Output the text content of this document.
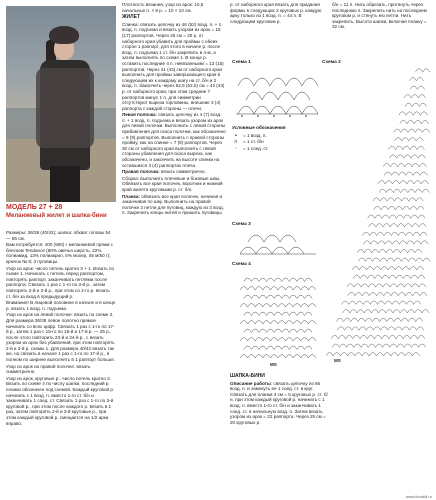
МОДЕЛЬ 27 + 28
Меланжевый жилет и шапка-бини

Размеры: 36/38 (40/42); шапка: обхват головы 54 — 56 см.

Вам потребуется: 400 (500) г меланжевой пряжи с блеском Tendance (60% овечья шерсть, 22% полиамид, 13% полиакрил, 5% мохер, 45 м/50 г); крючок № 8; 3 пуговицы.

Узор из арок: число петель кратно 3 + 1. Вязать по схеме 1. Начинать с петель перед раппортом, повторять раппорт, заканчивать петлями после раппорта. Связать 1 раз с 1-го по 3-й р., затем повторять 2-й и 3-й р., при этом со 2-го р. вязать ст. б/н за вход в предыдущий р.

Внимание! В лицевой половине в начале и в конце р. вязать 1 возд. п. подъема.

Узор из арок на левой полочке: вязать по схеме 2. Для размера 36/38 левое полотно прямое начинать со всех цифр. Связать 1 раз с 1-го по 17-й р., затем 1 раз с 15-го по 16-й и 17-й р. — 25 р., после этого повторить 23-й и 24-й р., с вязать узором из арок без убавлений, при этом повторять 2-й и 3-й р. схемы 1. Для размера 40/42 вязать так же, но связать в начале 1 раз с 1-го по 17-й р., в полном по ширине выполнять в 1 раппорт больше.

Узор из арок на правой полочке: вязать симметрично.

Узор из арок, круговые р.: число петель кратно 3. Вязать по схеме 4 по числу шапки, последний р. планки обозначен под схемой. Каждый круговой р. начинать с 1 возд. п. вместо 1-го ст. б/н и заканчивать 1 соед. ст. Связать 1 раз с 1-го по 3-й круговой р., при этом после каждого р. вязать в 1 раз, затем повторять 2-й и 3-й круговые р., при этом каждый круговой р. смещается на 1/2 арки вправо.

Плотность вязания, узор из арок: 10,5 начальных п. × 8 р. = 10 × 10 см.

ЖИЛЕТ

Спинка: связать цепочку из 46 (52) возд. п. + 1 возд. п. подъема и вязать узором из арок = 15 (17) раппортов. Через 25 см = 20 р. от наборного края убавить для проймы с обеих сторон 1 раппорт, для этого в начале р. после возд. п. подъема 1 ст. б/н закрепить в 4-м, а затем выполнять по схеме 1. В конце р. оставить последние 4 п. невязанными = 13 (15) раппортов. Через 41 (43) см от наборного края выполнить для проймы завершающего края в следующем их к каждому шагу на ст. б/н и 2 возд. п. Закончить через 52,5 (53,5) см = 42 (43) р. от наборного края, при этом средние 7 раппортов минус 1 п. для симметрии отсутствуют выреза горловины, внешние 3 (4) раппорта с каждой стороны — плечи.

Левая полочка: связать цепочку из 4 (7) возд. п. + 1 возд. п. подъема и вязать узором из арок для левой полочки. Выполнить с левой стороны прибавления для скоса полочки, как обозначено = 8 (9) раппортов. Выполнить с правой стороны пройму, как на спинке = 7 (8) раппортов. Через 30 см от наборного края выполнить с левой стороны убавления для скоса выреза, как обозначено, и закончить на высоте спинки на оставшихся 3 (4) раппортах плеча.

Правая полочка: вязать симметрично.

Сборка: выполнить плечевые и боковые швы. Обвязать все края полочек, воротник и нижний край жилета круговыми р. ст. б/н.

Планка: обвязать все края полочек, начиная и заканчивая по шву. Выполнить на правой полочке 3 петли для пуговиц, каждую из 3 возд. п. Закрепить концы нитей и пришить пуговицы.

р. от наборного края вязать для придания формы в следующих 2 круговых р. каждую арку только из 1 возд. п. = 44 п. В следующем круговом р.
б/н = 11 п. Нить обрезать, протянуть через последнюю п. Закрепить нить на последнем круговом р. и стянуть ею петли. Нить закрепить. Высота шапки, включая планку = 32 см.
Схема 1
Условные обозначения
•	= 1 возд. п.
∩	= 1 ст. б/н
◦	= 1 соед. ст.
Схема 2
MS
Схема 3
Схема 4
MS
ШАПКА-БИНИ

Описание работы: связать цепочку из 66 возд. п. и замкнуть ее 1 соед. ст. в круг. Связать для планки 4 см = 5 круговых р. ст. б/н, при этом каждый круговой р. начинать с 1 возд. п. вместо 1-го ст. б/н и заканчивать 1 соед. ст. в начальную возд. п. Затем вязать узором из арок = 22 раппорта. Через 25 см = 20 круговых р.

www.ktoskill.ru
